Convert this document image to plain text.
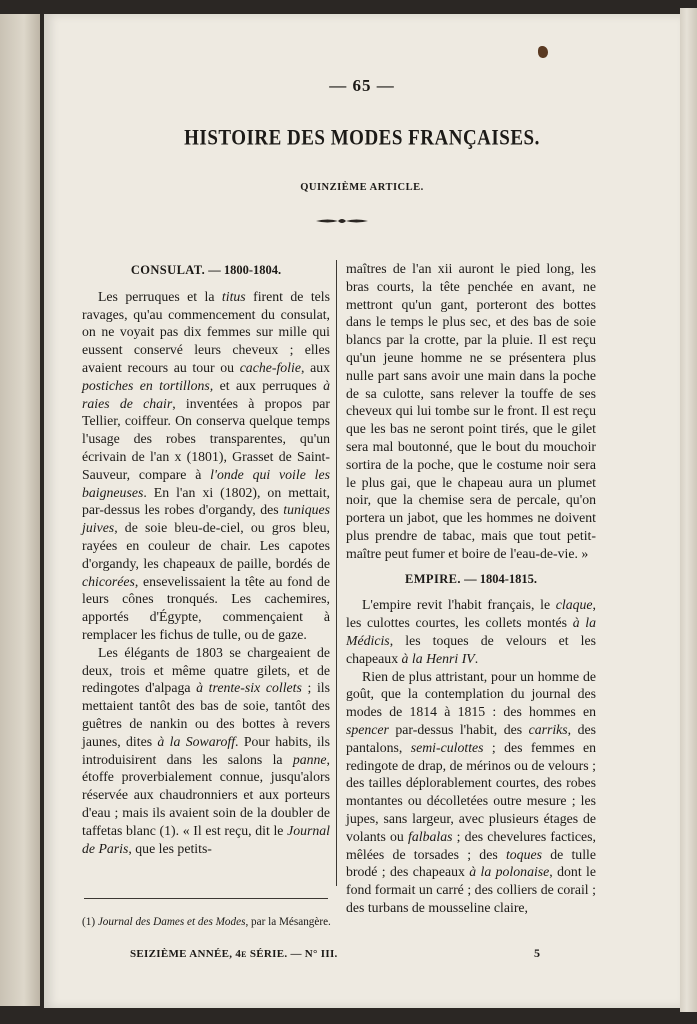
— 65 —
HISTOIRE DES MODES FRANÇAISES.
QUINZIÈME ARTICLE.
CONSULAT. — 1800-1804.

Les perruques et la titus firent de tels ravages, qu'au commencement du consulat, on ne voyait pas dix femmes sur mille qui eussent conservé leurs cheveux ; elles avaient recours au tour ou cache-folie, aux postiches en tortillons, et aux perruques à raies de chair, inventées à propos par Tellier, coiffeur. On conserva quelque temps l'usage des robes transparentes, qu'un écrivain de l'an x (1801), Grasset de Saint-Sauveur, compare à l'onde qui voile les baigneuses. En l'an xi (1802), on mettait, par-dessus les robes d'organdy, des tuniques juives, de soie bleu-de-ciel, ou gros bleu, rayées en couleur de chair. Les capotes d'organdy, les chapeaux de paille, bordés de chicorées, ensevelissaient la tête au fond de leurs cônes tronqués. Les cachemires, apportés d'Égypte, commençaient à remplacer les fichus de tulle, ou de gaze.

Les élégants de 1803 se chargeaient de deux, trois et même quatre gilets, et de redingotes d'alpaga à trente-six collets ; ils mettaient tantôt des bas de soie, tantôt des guêtres de nankin ou des bottes à revers jaunes, dites à la Sowaroff. Pour habits, ils introduisirent dans les salons la panne, étoffe proverbialement connue, jusqu'alors réservée aux chaudronniers et aux porteurs d'eau ; mais ils avaient soin de la doubler de taffetas blanc (1). « Il est reçu, dit le Journal de Paris, que les petits-

maîtres de l'an xii auront le pied long, les bras courts, la tête penchée en avant, ne mettront qu'un gant, porteront des bottes dans le temps le plus sec, et des bas de soie blancs par la crotte, par la pluie. Il est reçu qu'un jeune homme ne se présentera plus nulle part sans avoir une main dans la poche de sa culotte, sans relever la touffe de ses cheveux qui lui tombe sur le front. Il est reçu que les bas ne seront point tirés, que le gilet sera mal boutonné, que le bout du mouchoir sortira de la poche, que le costume noir sera le plus gai, que le chapeau aura un plumet noir, que la chemise sera de percale, qu'on portera un jabot, que les hommes ne doivent plus prendre de tabac, mais que tout petit-maître peut fumer et boire de l'eau-de-vie. »

EMPIRE. — 1804-1815.

L'empire revit l'habit français, le claque, les culottes courtes, les collets montés à la Médicis, les toques de velours et les chapeaux à la Henri IV.

Rien de plus attristant, pour un homme de goût, que la contemplation du journal des modes de 1814 à 1815 : des hommes en spencer par-dessus l'habit, des carriks, des pantalons, semi-culottes ; des femmes en redingote de drap, de mérinos ou de velours ; des tailles déplorablement courtes, des robes montantes ou décolletées outre mesure ; les jupes, sans largeur, avec plusieurs étages de volants ou falbalas ; des chevelures factices, mêlées de torsades ; des toques de tulle brodé ; des chapeaux à la polonaise, dont le fond formait un carré ; des colliers de corail ; des turbans de mousseline claire,

(1) Journal des Dames et des Modes, par la Mésangère.
SEIZIÈME ANNÉE, 4e SÉRIE. — N° III.	5
